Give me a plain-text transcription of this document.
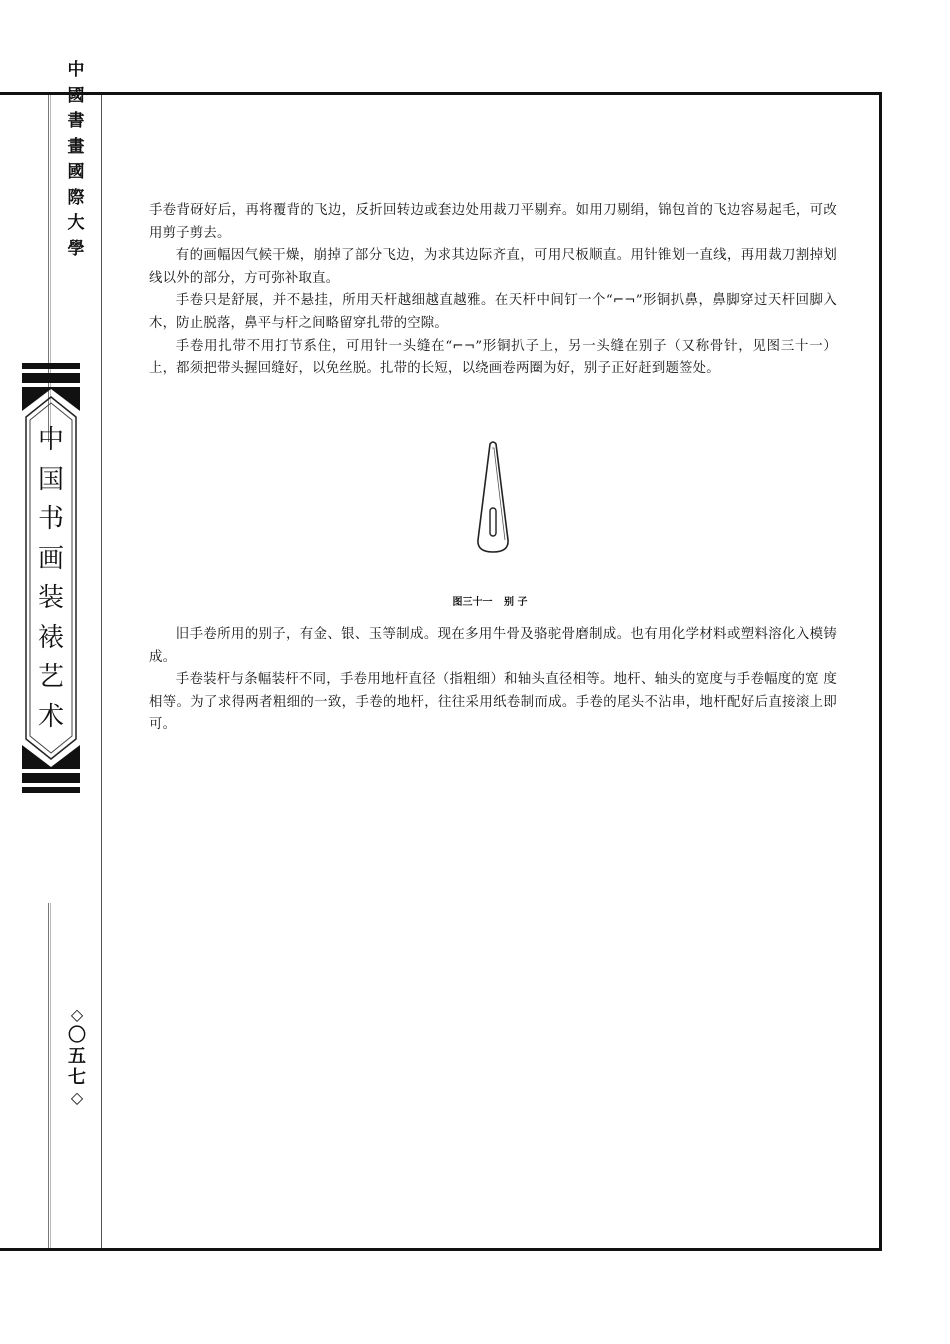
中
國
書
畫
國
際
大
學
中
国
书
画
装
裱
艺
术
◇
〇
五
七
◇

手卷背砑好后，再将覆背的飞边，反折回转边或套边处用裁刀平剔弃。如用刀剔绢，锦包首的飞边容易起毛，可改用剪子剪去。

有的画幅因气候干燥，崩掉了部分飞边，为求其边际齐直，可用尺板顺直。用针锥划一直线，再用裁刀割掉划线以外的部分，方可弥补取直。

手卷只是舒展，并不悬挂，所用天杆越细越直越雅。在天杆中间钉一个“⌐¬”形铜扒鼻，鼻脚穿过天杆回脚入木，防止脱落，鼻平与杆之间略留穿扎带的空隙。

手卷用扎带不用打节系住，可用针一头缝在“⌐¬”形铜扒子上，另一头缝在别子（又称骨针，见图三十一）上，都须把带头握回缝好，以免丝脱。扎带的长短，以绕画卷两圈为好，别子正好赶到题签处。

图三十一 别 子

旧手卷所用的别子，有金、银、玉等制成。现在多用牛骨及骆驼骨磨制成。也有用化学材料或塑料溶化入模铸成。

手卷装杆与条幅装杆不同，手卷用地杆直径（指粗细）和轴头直径相等。地杆、轴头的宽度与手卷幅度的宽 度相等。为了求得两者粗细的一致，手卷的地杆，往往采用纸卷制而成。手卷的尾头不沾串，地杆配好后直接滚上即可。
